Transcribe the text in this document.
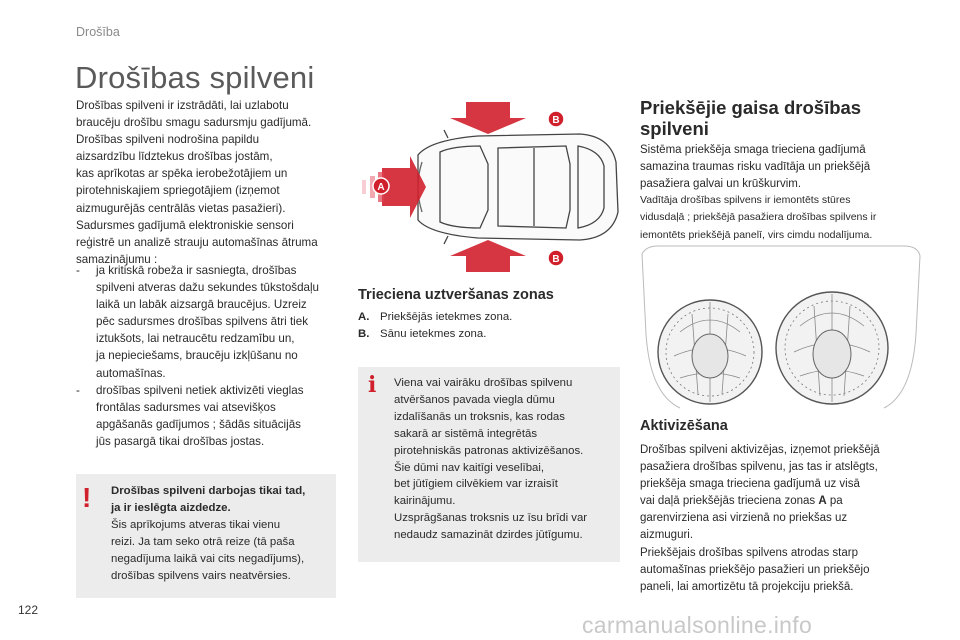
Drošība
Drošības spilveni
Drošības spilveni ir izstrādāti, lai uzlabotu
braucēju drošību smagu sadursmju gadījumā.
Drošības spilveni nodrošina papildu
aizsardzību līdztekus drošības jostām,
kas aprīkotas ar spēka ierobežotājiem un
pirotehniskajiem spriegotājiem (izņemot
aizmugurējās centrālās vietas pasažieri).
Sadursmes gadījumā elektroniskie sensori
reģistrē un analizē strauju automašīnas ātruma
samazinājumu :
- ja kritiskā robeža ir sasniegta, drošības
spilveni atveras dažu sekundes tūkstošdaļu
laikā un labāk aizsargā braucējus. Uzreiz
pēc sadursmes drošības spilvens ātri tiek
iztukšots, lai netraucētu redzamību un,
ja nepieciešams, braucēju izkļūšanu no
automašīnas.
- drošības spilveni netiek aktivizēti vieglas
frontālas sadursmes vai atsevišķos
apgāšanās gadījumos ; šādās situācijās
jūs pasargā tikai drošības jostas.
! Drošības spilveni darbojas tikai tad,
ja ir ieslēgta aizdedze.
Šis aprīkojums atveras tikai vienu
reizi. Ja tam seko otrā reize (tā paša
negadījuma laikā vai cits negadījums),
drošības spilvens vairs neatvērsies.
A
B
B
Trieciena uztveršanas zonas
A. Priekšējās ietekmes zona.
B. Sānu ietekmes zona.
i Viena vai vairāku drošības spilvenu
atvēršanos pavada viegla dūmu
izdalīšanās un troksnis, kas rodas
sakarā ar sistēmā integrētās
pirotehniskās patronas aktivizēšanos.
Šie dūmi nav kaitīgi veselībai,
bet jūtīgiem cilvēkiem var izraisīt
kairinājumu.
Uzsprāgšanas troksnis uz īsu brīdi var
nedaudz samazināt dzirdes jūtīgumu.
Priekšējie gaisa drošības
spilveni
Sistēma priekšēja smaga trieciena gadījumā
samazina traumas risku vadītāja un priekšējā
pasažiera galvai un krūškurvim.
Vadītāja drošības spilvens ir iemontēts stūres
vidusdaļā ; priekšējā pasažiera drošības spilvens ir
iemontēts priekšējā panelī, virs cimdu nodalījuma.
Aktivizēšana
Drošības spilveni aktivizējas, izņemot priekšējā
pasažiera drošības spilvenu, jas tas ir atslēgts,
priekšēja smaga trieciena gadījumā uz visā
vai daļā priekšējās trieciena zonas A pa
garenvirziena asi virzienā no priekšas uz
aizmuguri.
Priekšējais drošības spilvens atrodas starp
automašīnas priekšējo pasažieri un priekšējo
paneli, lai amortizētu tā projekciju priekšā.
122
carmanualsonline.info
